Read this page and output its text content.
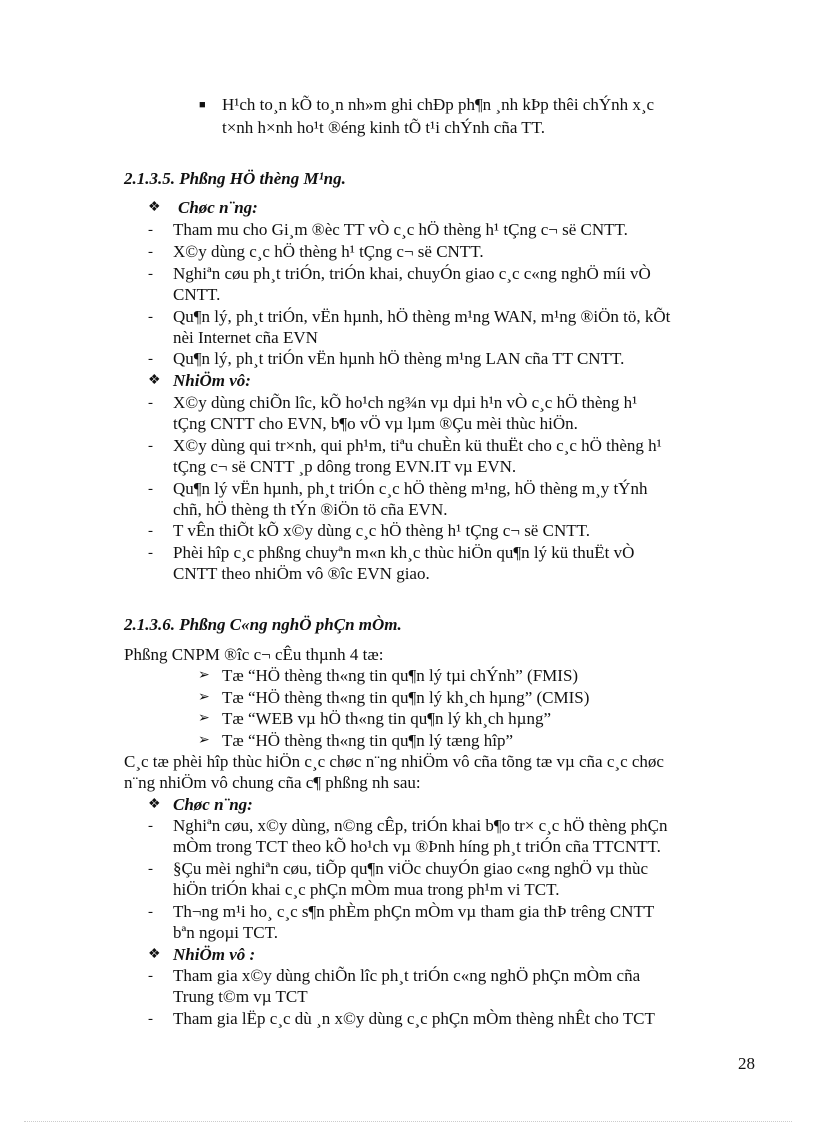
■ H¹ch to¸n kÕ to¸n nh»m ghi chÐp ph¶n ¸nh kÞp thêi chÝnh x¸c
t×nh h×nh ho¹t ®éng kinh tÕ t¹i chÝnh cña TT.
2.1.3.5. Phßng HÖ thèng M¹ng.
❖ Chøc n¨ng:
- Tham mu cho Gi¸m ®èc TT vÒ c¸c hÖ thèng h¹ tÇng c¬ së CNTT.
- X©y dùng c¸c hÖ thèng h¹ tÇng c¬ së CNTT.
- Nghiªn cøu ph¸t triÓn, triÓn khai, chuyÓn giao c¸c c«ng nghÖ míi vÒ
CNTT.
- Qu¶n lý, ph¸t triÓn, vËn hµnh, hÖ thèng m¹ng WAN, m¹ng ®iÖn tö, kÕt
nèi Internet cña EVN
- Qu¶n lý, ph¸t triÓn vËn hµnh hÖ thèng m¹ng LAN cña TT CNTT.
❖ NhiÖm vô:
- X©y dùng chiÕn lîc, kÕ ho¹ch ng¾n vµ dµi h¹n vÒ c¸c hÖ thèng h¹
tÇng CNTT cho EVN, b¶o vÖ vµ lµm ®Çu mèi thùc hiÖn.
- X©y dùng qui tr×nh, qui ph¹m, tiªu chuÈn kü thuËt cho c¸c hÖ thèng h¹
tÇng c¬ së CNTT ¸p dông trong EVN.IT vµ EVN.
- Qu¶n lý vËn hµnh, ph¸t triÓn c¸c hÖ thèng m¹ng, hÖ thèng m¸y tÝnh
chñ, hÖ thèng th tÝn ®iÖn tö cña EVN.
- T vÊn thiÕt kÕ x©y dùng c¸c hÖ thèng h¹ tÇng c¬ së CNTT.
- Phèi hîp c¸c phßng chuyªn m«n kh¸c thùc hiÖn qu¶n lý kü thuËt vÒ
CNTT theo nhiÖm vô ®îc EVN giao.
2.1.3.6. Phßng C«ng nghÖ phÇn mÒm.
Phßng CNPM ®îc c¬ cÊu thµnh 4 tæ:
➢ Tæ “HÖ thèng th«ng tin qu¶n lý tµi chÝnh” (FMIS)
➢ Tæ “HÖ thèng th«ng tin qu¶n lý kh¸ch hµng” (CMIS)
➢ Tæ “WEB vµ hÖ th«ng tin qu¶n lý kh¸ch hµng”
➢ Tæ “HÖ thèng th«ng tin qu¶n lý tæng hîp”
C¸c tæ phèi hîp thùc hiÖn c¸c chøc n¨ng nhiÖm vô cña tõng tæ vµ cña c¸c chøc
n¨ng nhiÖm vô chung cña c¶ phßng nh sau:
❖ Chøc n¨ng:
- Nghiªn cøu, x©y dùng, n©ng cÊp, triÓn khai b¶o tr× c¸c hÖ thèng phÇn
mÒm trong TCT theo kÕ ho¹ch vµ ®Þnh híng ph¸t triÓn cña TTCNTT.
- §Çu mèi nghiªn cøu, tiÕp qu¶n viÖc chuyÓn giao c«ng nghÖ vµ thùc
hiÖn triÓn khai c¸c phÇn mÒm mua trong ph¹m vi TCT.
- Th¬ng m¹i ho¸ c¸c s¶n phÈm phÇn mÒm vµ tham gia thÞ trêng CNTT
bªn ngoµi TCT.
❖ NhiÖm vô :
- Tham gia x©y dùng chiÕn lîc ph¸t triÓn c«ng nghÖ phÇn mÒm cña
Trung t©m vµ TCT
- Tham gia lËp c¸c dù ¸n x©y dùng c¸c phÇn mÒm thèng nhÊt cho TCT
28
